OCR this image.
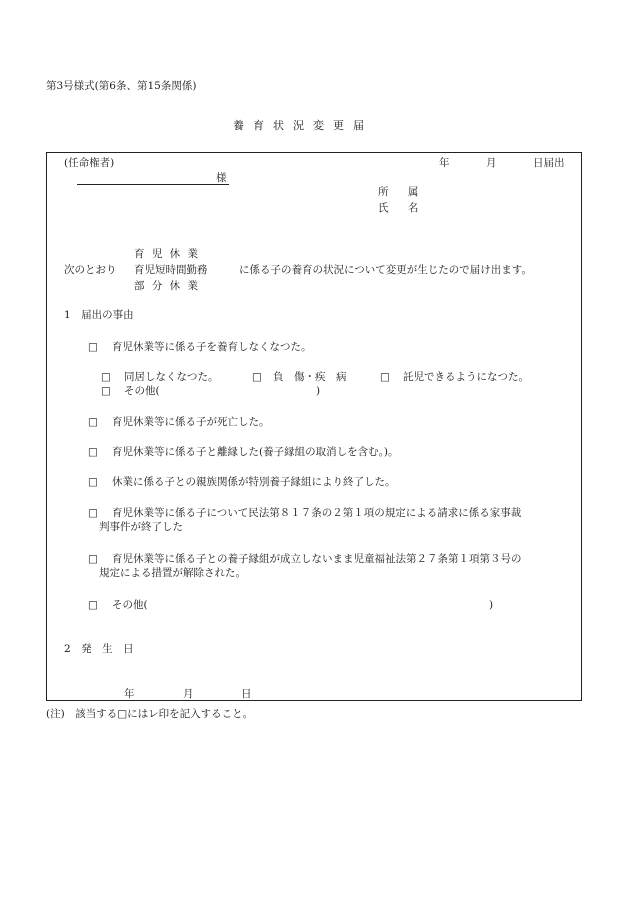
第3号様式(第6条、第15条関係)
養育状況変更届
(任命権者)	年	月	日届出
様
所 属
氏 名
育 児 休 業
次のとおり 育児短時間勤務	に係る子の養育の状況について変更が生じたので届け出ます。
部 分 休 業
1　届出の事由
□ 育児休業等に係る子を養育しなくなつた。
□ 同居しなくなつた。	□ 負　傷・疾　病	□ 託児できるようになつた。
□ その他(	)
□ 育児休業等に係る子が死亡した。
□ 育児休業等に係る子と離縁した(養子縁組の取消しを含む。)。
□ 休業に係る子との親族関係が特別養子縁組により終了した。
□ 育児休業等に係る子について民法第８１７条の２第１項の規定による請求に係る家事裁
判事件が終了した
□ 育児休業等に係る子との養子縁組が成立しないまま児童福祉法第２７条第１項第３号の
規定による措置が解除された。
□ その他(	)
2　発　生　日
年	月	日
(注)　該当する□にはレ印を記入すること。
